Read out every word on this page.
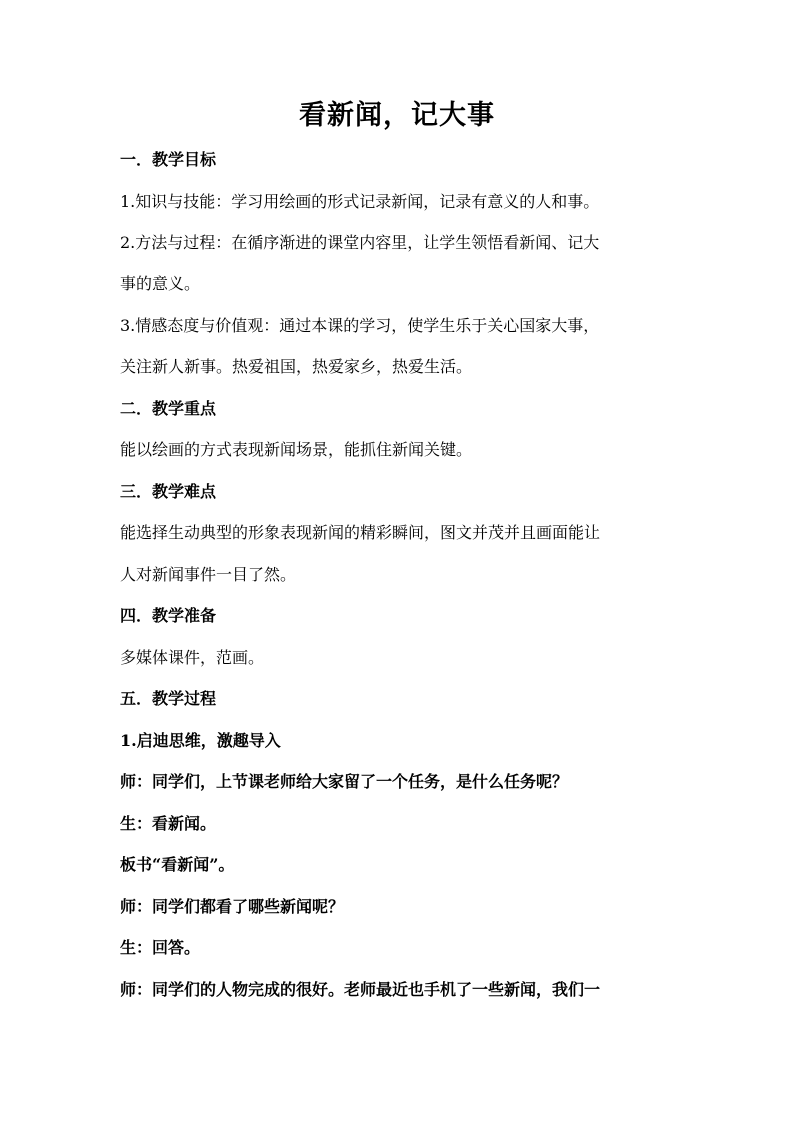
看新闻，记大事
一．教学目标
1.知识与技能：学习用绘画的形式记录新闻，记录有意义的人和事。
2.方法与过程：在循序渐进的课堂内容里，让学生领悟看新闻、记大
事的意义。
3.情感态度与价值观：通过本课的学习，使学生乐于关心国家大事，
关注新人新事。热爱祖国，热爱家乡，热爱生活。
二．教学重点
能以绘画的方式表现新闻场景，能抓住新闻关键。
三．教学难点
能选择生动典型的形象表现新闻的精彩瞬间，图文并茂并且画面能让
人对新闻事件一目了然。
四．教学准备
多媒体课件，范画。
五．教学过程
1.启迪思维，激趣导入
师：同学们，上节课老师给大家留了一个任务，是什么任务呢？
生：看新闻。
板书“看新闻”。
师：同学们都看了哪些新闻呢？
生：回答。
师：同学们的人物完成的很好。老师最近也手机了一些新闻，我们一
